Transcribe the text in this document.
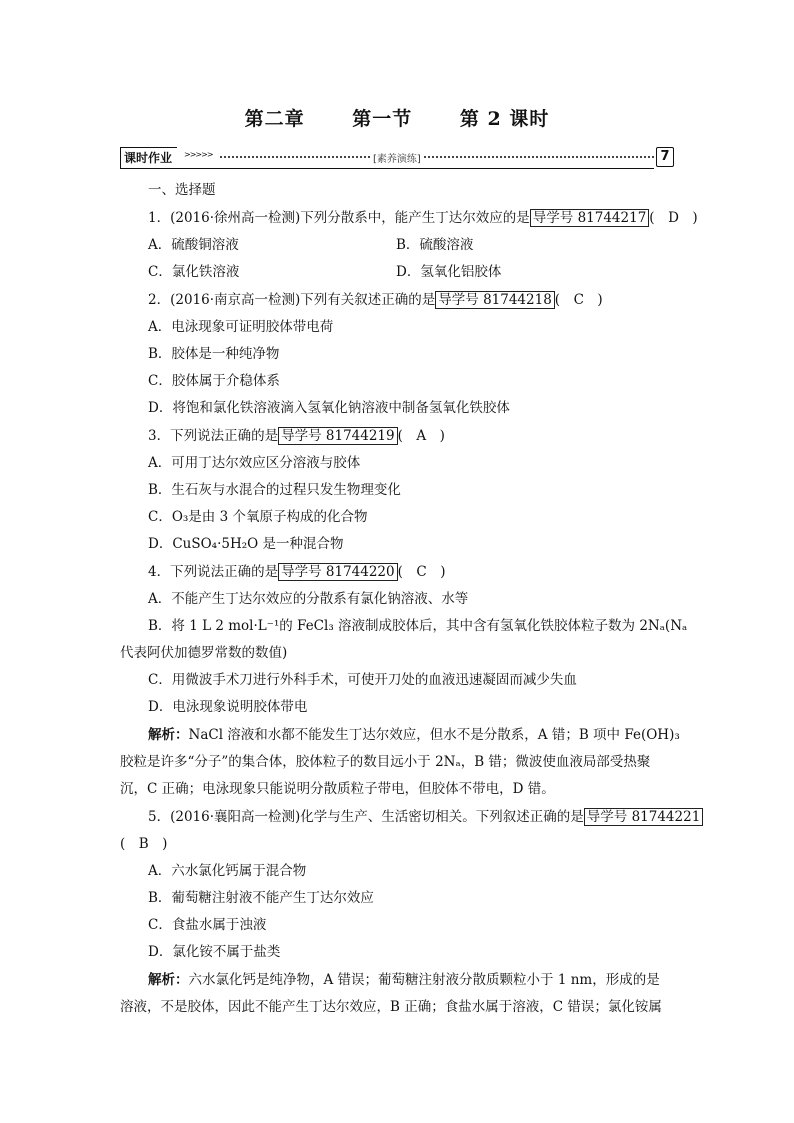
第二章	第一节	第 2 课时
课时作业 >>>>>	[素养演练]	7
一、选择题
1．(2016·徐州高一检测)下列分散系中，能产生丁达尔效应的是 导学号 81744217 (　D　)
A．硫酸铜溶液	B．硫酸溶液
C．氯化铁溶液	D．氢氧化铝胶体
2．(2016·南京高一检测)下列有关叙述正确的是 导学号 81744218 (　C　)
A．电泳现象可证明胶体带电荷
B．胶体是一种纯净物
C．胶体属于介稳体系
D．将饱和氯化铁溶液滴入氢氧化钠溶液中制备氢氧化铁胶体
3．下列说法正确的是 导学号 81744219 (　A　)
A．可用丁达尔效应区分溶液与胶体
B．生石灰与水混合的过程只发生物理变化
C．O₃是由 3 个氧原子构成的化合物
D．CuSO₄·5H₂O 是一种混合物
4．下列说法正确的是 导学号 81744220 (　C　)
A．不能产生丁达尔效应的分散系有氯化钠溶液、水等
B．将 1 L 2 mol·L⁻¹的 FeCl₃ 溶液制成胶体后，其中含有氢氧化铁胶体粒子数为 2Nₐ(Nₐ
代表阿伏加德罗常数的数值)
C．用微波手术刀进行外科手术，可使开刀处的血液迅速凝固而减少失血
D．电泳现象说明胶体带电
解析：NaCl 溶液和水都不能发生丁达尔效应，但水不是分散系，A 错；B 项中 Fe(OH)₃
胶粒是许多“分子”的集合体，胶体粒子的数目远小于 2Nₐ，B 错；微波使血液局部受热聚
沉，C 正确；电泳现象只能说明分散质粒子带电，但胶体不带电，D 错。
5．(2016·襄阳高一检测)化学与生产、生活密切相关。下列叙述正确的是 导学号 81744221
(　B　)
A．六水氯化钙属于混合物
B．葡萄糖注射液不能产生丁达尔效应
C．食盐水属于浊液
D．氯化铵不属于盐类
解析：六水氯化钙是纯净物，A 错误；葡萄糖注射液分散质颗粒小于 1 nm，形成的是
溶液，不是胶体，因此不能产生丁达尔效应，B 正确；食盐水属于溶液，C 错误；氯化铵属
